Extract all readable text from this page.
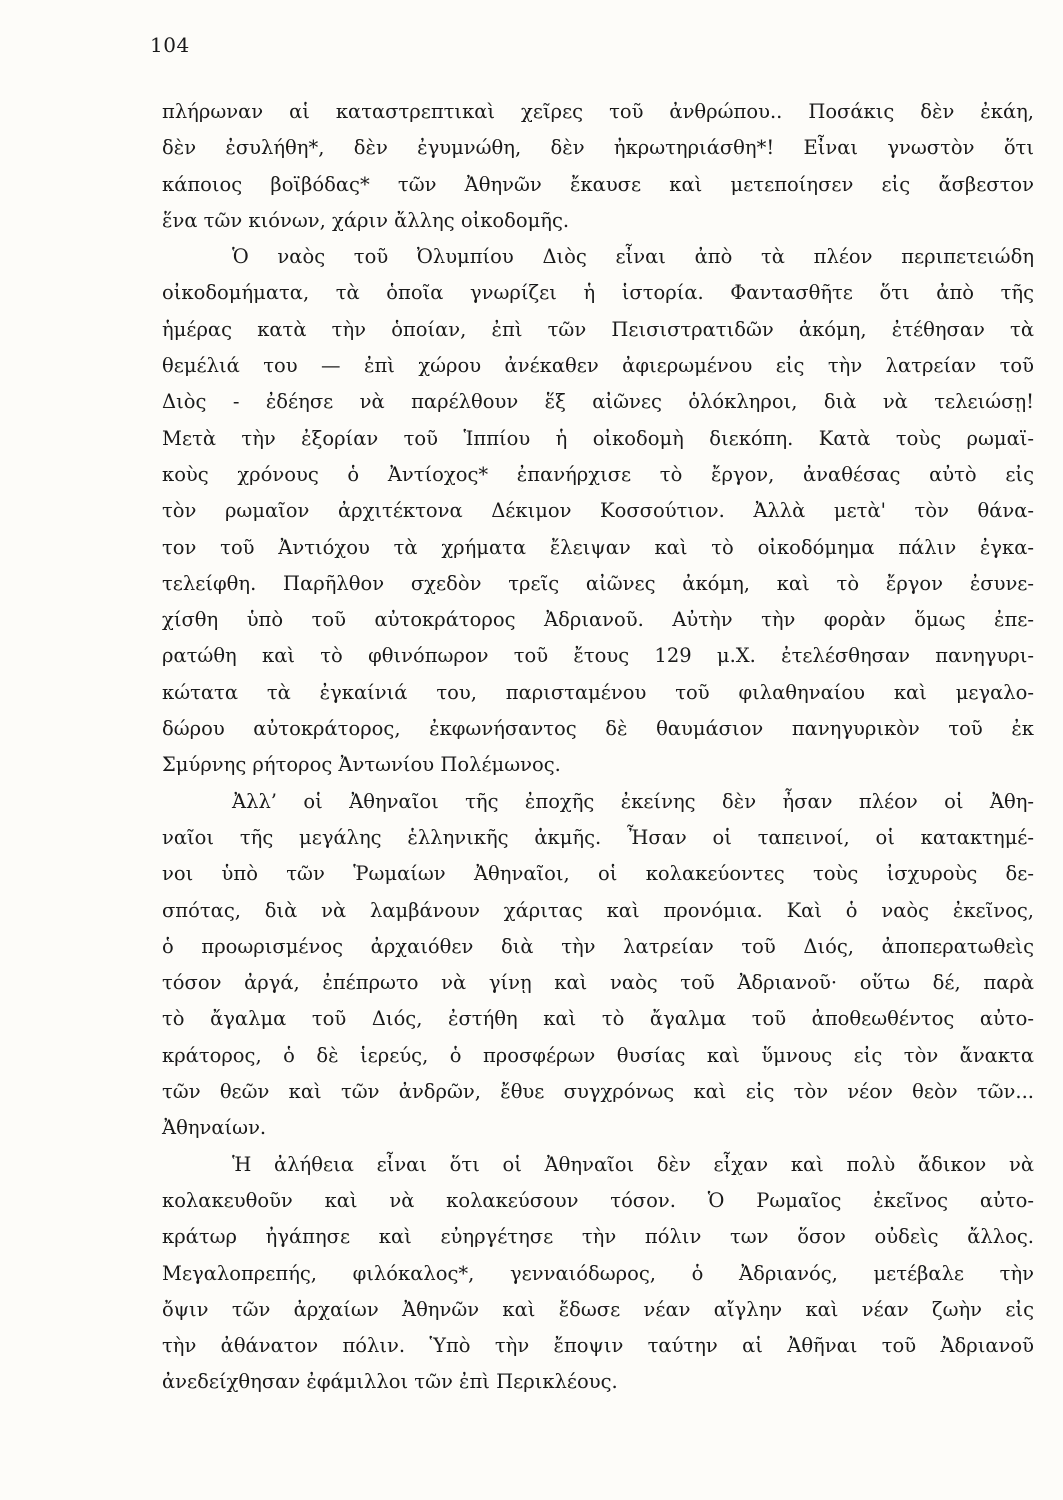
104
πλήρωναν αἱ καταστρεπτικαὶ χεῖρες τοῦ ἀνθρώπου.. Ποσάκις δὲν ἐκάη,
δὲν ἐσυλήθη*, δὲν ἐγυμνώθη, δὲν ἠκρωτηριάσθη*! Εἶναι γνωστὸν ὅτι
κάποιος βοϊβόδας* τῶν Ἀθηνῶν ἔκαυσε καὶ μετεποίησεν εἰς ἄσβεστον
ἕνα τῶν κιόνων, χάριν ἄλλης οἰκοδομῆς.
Ὁ ναὸς τοῦ Ὀλυμπίου Διὸς εἶναι ἀπὸ τὰ πλέον περιπετειώδη
οἰκοδομήματα, τὰ ὁποῖα γνωρίζει ἡ ἱστορία. Φαντασθῆτε ὅτι ἀπὸ τῆς
ἡμέρας κατὰ τὴν ὁποίαν, ἐπὶ τῶν Πεισιστρατιδῶν ἀκόμη, ἐτέθησαν τὰ
θεμέλιά του — ἐπὶ χώρου ἀνέκαθεν ἀφιερωμένου εἰς τὴν λατρείαν τοῦ
Διὸς - ἐδέησε νὰ παρέλθουν ἕξ αἰῶνες ὁλόκληροι, διὰ νὰ τελειώσῃ!
Μετὰ τὴν ἐξορίαν τοῦ Ἱππίου ἡ οἰκοδομὴ διεκόπη. Κατὰ τοὺς ρωμαϊ-
κοὺς χρόνους ὁ Ἀντίοχος* ἐπανήρχισε τὸ ἔργον, ἀναθέσας αὐτὸ εἰς
τὸν ρωμαῖον ἀρχιτέκτονα Δέκιμον Κοσσούτιον. Ἀλλὰ μετὰ' τὸν θάνα-
τον τοῦ Ἀντιόχου τὰ χρήματα ἔλειψαν καὶ τὸ οἰκοδόμημα πάλιν ἐγκα-
τελείφθη. Παρῆλθον σχεδὸν τρεῖς αἰῶνες ἀκόμη, καὶ τὸ ἔργον ἐσυνε-
χίσθη ὑπὸ τοῦ αὐτοκράτορος Ἀδριανοῦ. Αὐτὴν τὴν φορὰν ὅμως ἐπε-
ρατώθη καὶ τὸ φθινόπωρον τοῦ ἔτους 129 μ.Χ. ἐτελέσθησαν πανηγυρι-
κώτατα τὰ ἐγκαίνιά του, παρισταμένου τοῦ φιλαθηναίου καὶ μεγαλο-
δώρου αὐτοκράτορος, ἐκφωνήσαντος δὲ θαυμάσιον πανηγυρικὸν τοῦ ἐκ
Σμύρνης ρήτορος Ἀντωνίου Πολέμωνος.
Ἀλλ’ οἱ Ἀθηναῖοι τῆς ἐποχῆς ἐκείνης δὲν ἦσαν πλέον οἱ Ἀθη-
ναῖοι τῆς μεγάλης ἑλληνικῆς ἀκμῆς. Ἦσαν οἱ ταπεινοί, οἱ κατακτημέ-
νοι ὑπὸ τῶν Ῥωμαίων Ἀθηναῖοι, οἱ κολακεύοντες τοὺς ἰσχυροὺς δε-
σπότας, διὰ νὰ λαμβάνουν χάριτας καὶ προνόμια. Καὶ ὁ ναὸς ἐκεῖνος,
ὁ προωρισμένος ἀρχαιόθεν διὰ τὴν λατρείαν τοῦ Διός, ἀποπερατωθεὶς
τόσον ἀργά, ἐπέπρωτο νὰ γίνῃ καὶ ναὸς τοῦ Ἀδριανοῦ· οὕτω δέ, παρὰ
τὸ ἄγαλμα τοῦ Διός, ἐστήθη καὶ τὸ ἄγαλμα τοῦ ἀποθεωθέντος αὐτο-
κράτορος, ὁ δὲ ἱερεύς, ὁ προσφέρων θυσίας καὶ ὕμνους εἰς τὸν ἄνακτα
τῶν θεῶν καὶ τῶν ἀνδρῶν, ἔθυε συγχρόνως καὶ εἰς τὸν νέον θεὸν τῶν...
Ἀθηναίων.
Ἡ ἀλήθεια εἶναι ὅτι οἱ Ἀθηναῖοι δὲν εἶχαν καὶ πολὺ ἄδικον νὰ
κολακευθοῦν καὶ νὰ κολακεύσουν τόσον. Ὁ Ρωμαῖος ἐκεῖνος αὐτο-
κράτωρ ἠγάπησε καὶ εὐηργέτησε τὴν πόλιν των ὅσον οὐδεὶς ἄλλος.
Μεγαλοπρεπής, φιλόκαλος*, γενναιόδωρος, ὁ Ἀδριανός, μετέβαλε τὴν
ὄψιν τῶν ἀρχαίων Ἀθηνῶν καὶ ἔδωσε νέαν αἴγλην καὶ νέαν ζωὴν εἰς
τὴν ἀθάνατον πόλιν. Ὑπὸ τὴν ἔποψιν ταύτην αἱ Ἀθῆναι τοῦ Ἀδριανοῦ
ἀνεδείχθησαν ἐφάμιλλοι τῶν ἐπὶ Περικλέους.
